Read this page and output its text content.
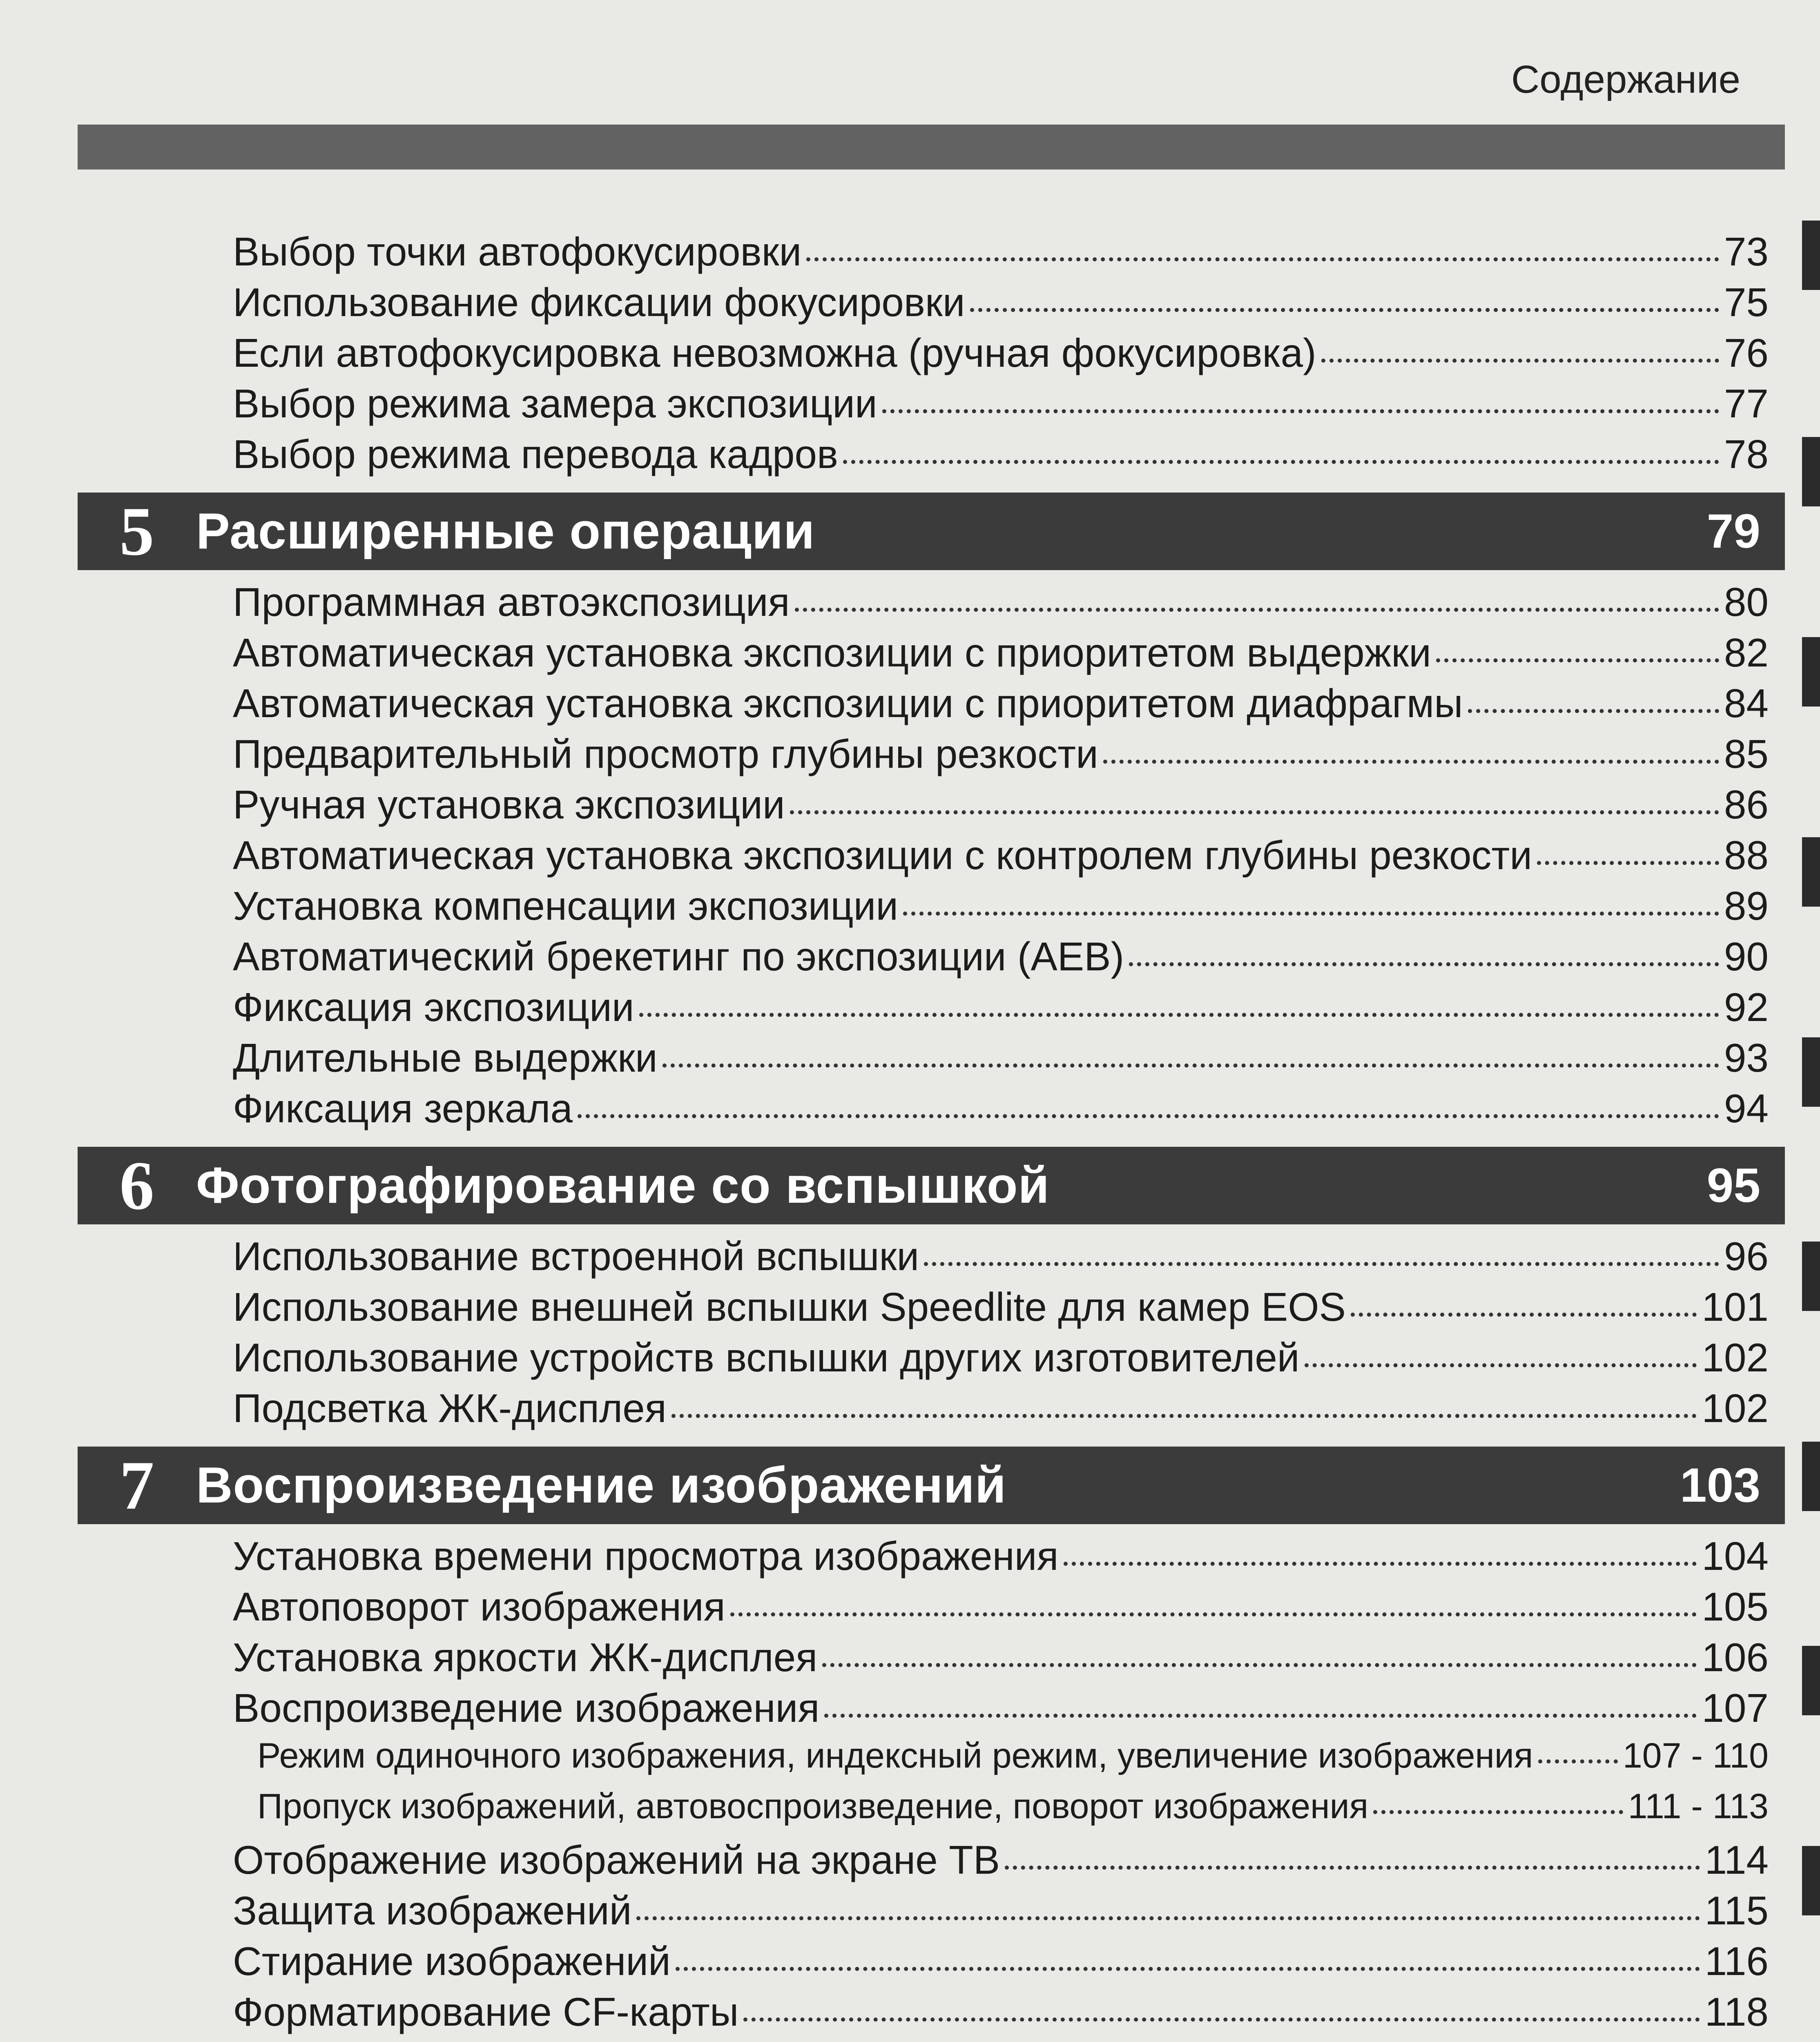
Содержание
Выбор точки автофокусировки	73
Использование фиксации фокусировки	75
Если автофокусировка невозможна (ручная фокусировка)	76
Выбор режима замера экспозиции	77
Выбор режима перевода кадров	78
5 Расширенные операции	79
Программная автоэкспозиция	80
Автоматическая установка экспозиции с приоритетом выдержки	82
Автоматическая установка экспозиции с приоритетом диафрагмы	84
Предварительный просмотр глубины резкости	85
Ручная установка экспозиции	86
Автоматическая установка экспозиции с контролем глубины резкости	88
Установка компенсации экспозиции	89
Автоматический брекетинг по экспозиции (AEB)	90
Фиксация экспозиции	92
Длительные выдержки	93
Фиксация зеркала	94
6 Фотографирование со вспышкой	95
Использование встроенной вспышки	96
Использование внешней вспышки Speedlite для камер EOS	101
Использование устройств вспышки других изготовителей	102
Подсветка ЖК-дисплея	102
7 Воспроизведение изображений	103
Установка времени просмотра изображения	104
Автоповорот изображения	105
Установка яркости ЖК-дисплея	106
Воспроизведение изображения	107
Режим одиночного изображения, индексный режим, увеличение изображения	107 - 110
Пропуск изображений, автовоспроизведение, поворот изображения	111 - 113
Отображение изображений на экране ТВ	114
Защита изображений	115
Стирание изображений	116
Форматирование CF-карты	118
